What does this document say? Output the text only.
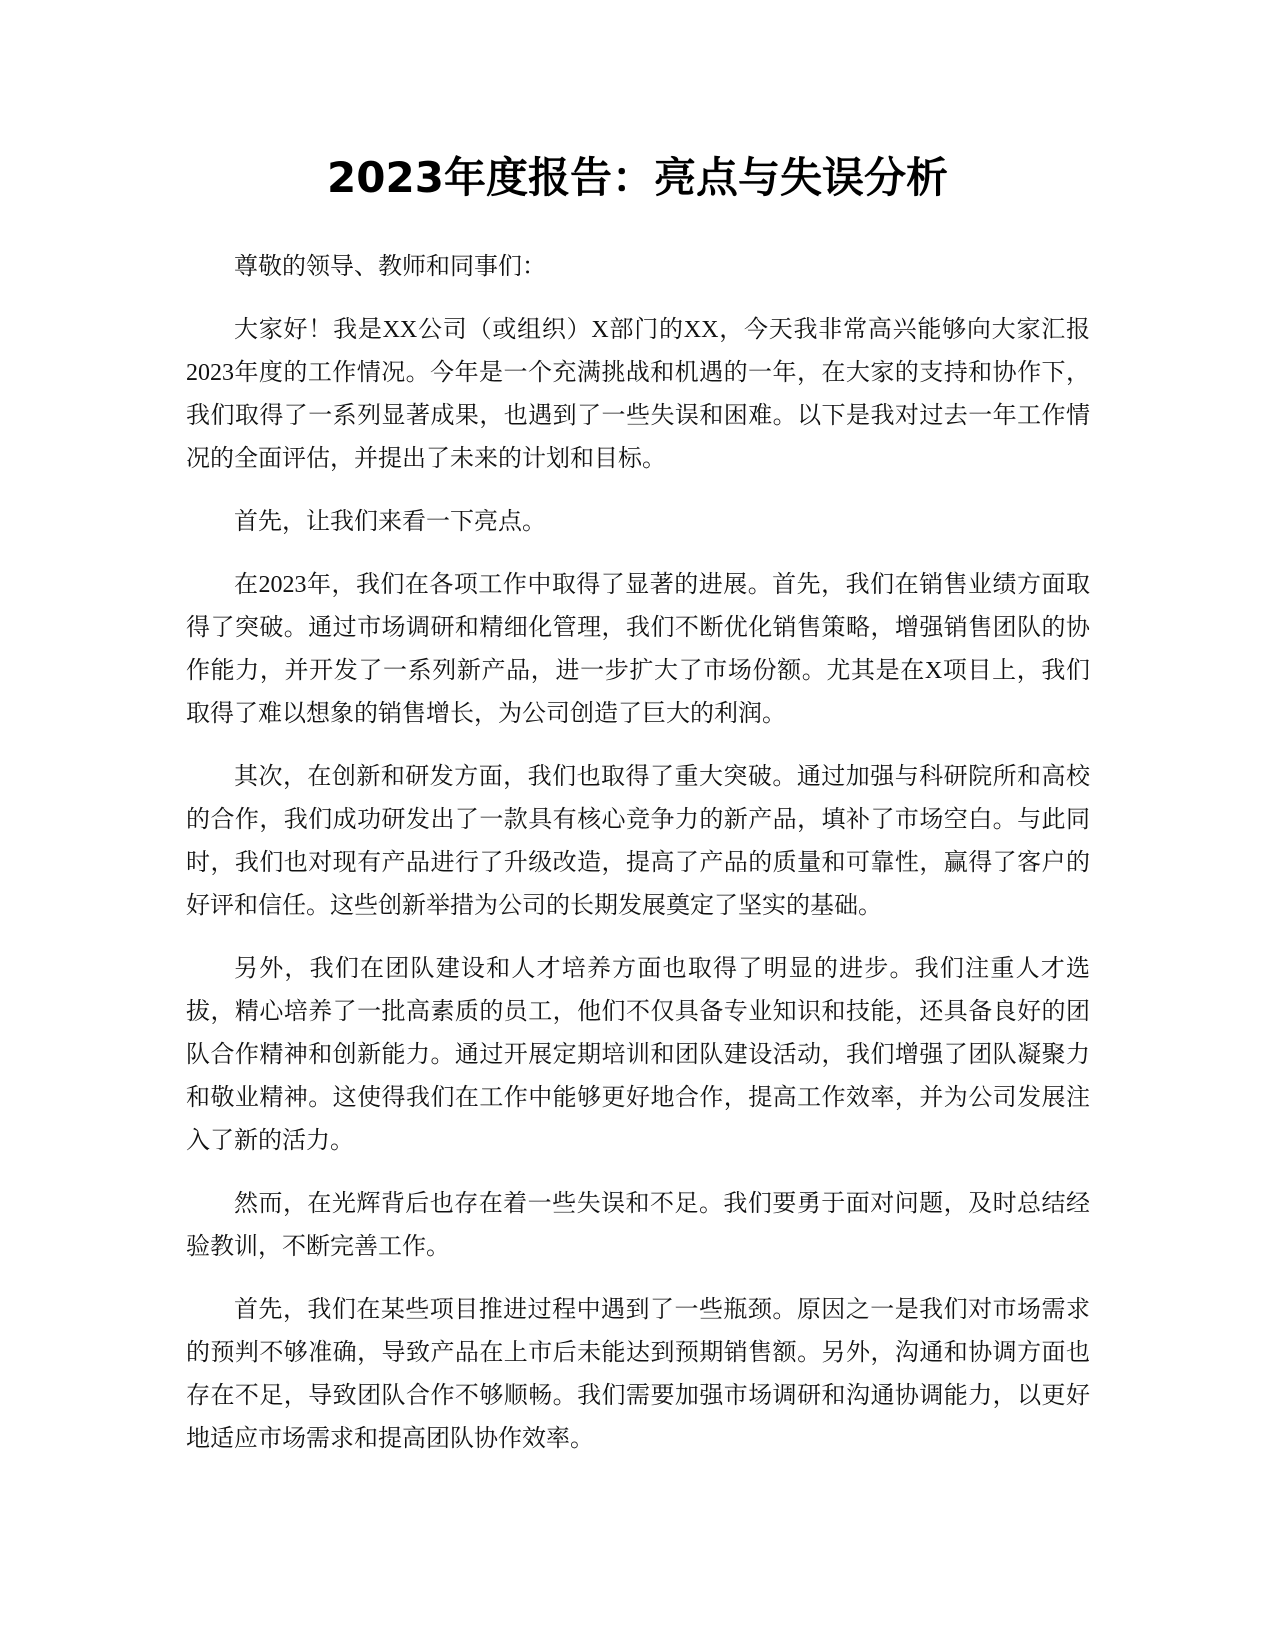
2023年度报告：亮点与失误分析

尊敬的领导、教师和同事们：

大家好！我是XX公司（或组织）X部门的XX，今天我非常高兴能够向大家汇报2023年度的工作情况。今年是一个充满挑战和机遇的一年，在大家的支持和协作下，我们取得了一系列显著成果，也遇到了一些失误和困难。以下是我对过去一年工作情况的全面评估，并提出了未来的计划和目标。

首先，让我们来看一下亮点。

在2023年，我们在各项工作中取得了显著的进展。首先，我们在销售业绩方面取得了突破。通过市场调研和精细化管理，我们不断优化销售策略，增强销售团队的协作能力，并开发了一系列新产品，进一步扩大了市场份额。尤其是在X项目上，我们取得了难以想象的销售增长，为公司创造了巨大的利润。

其次，在创新和研发方面，我们也取得了重大突破。通过加强与科研院所和高校的合作，我们成功研发出了一款具有核心竞争力的新产品，填补了市场空白。与此同时，我们也对现有产品进行了升级改造，提高了产品的质量和可靠性，赢得了客户的好评和信任。这些创新举措为公司的长期发展奠定了坚实的基础。

另外，我们在团队建设和人才培养方面也取得了明显的进步。我们注重人才选拔，精心培养了一批高素质的员工，他们不仅具备专业知识和技能，还具备良好的团队合作精神和创新能力。通过开展定期培训和团队建设活动，我们增强了团队凝聚力和敬业精神。这使得我们在工作中能够更好地合作，提高工作效率，并为公司发展注入了新的活力。

然而，在光辉背后也存在着一些失误和不足。我们要勇于面对问题，及时总结经验教训，不断完善工作。

首先，我们在某些项目推进过程中遇到了一些瓶颈。原因之一是我们对市场需求的预判不够准确，导致产品在上市后未能达到预期销售额。另外，沟通和协调方面也存在不足，导致团队合作不够顺畅。我们需要加强市场调研和沟通协调能力，以更好地适应市场需求和提高团队协作效率。
